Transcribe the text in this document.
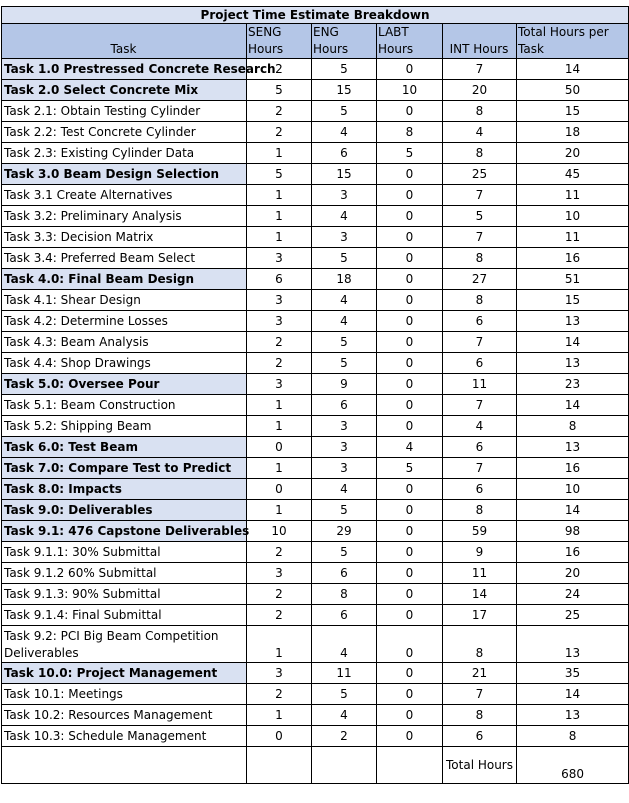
Project Time Estimate Breakdown					
Task	SENG Hours	ENG Hours	LABT Hours	INT Hours	Total Hours per Task
Task 1.0 Prestressed Concrete Research	2	5	0	7	14
Task 2.0 Select Concrete Mix	5	15	10	20	50
Task 2.1: Obtain Testing Cylinder	2	5	0	8	15
Task 2.2: Test Concrete Cylinder	2	4	8	4	18
Task 2.3: Existing Cylinder Data	1	6	5	8	20
Task 3.0 Beam Design Selection	5	15	0	25	45
Task 3.1 Create Alternatives	1	3	0	7	11
Task 3.2: Preliminary Analysis	1	4	0	5	10
Task 3.3: Decision Matrix	1	3	0	7	11
Task 3.4: Preferred Beam Select	3	5	0	8	16
Task 4.0: Final Beam Design	6	18	0	27	51
Task 4.1: Shear Design	3	4	0	8	15
Task 4.2: Determine Losses	3	4	0	6	13
Task 4.3: Beam Analysis	2	5	0	7	14
Task 4.4: Shop Drawings	2	5	0	6	13
Task 5.0: Oversee Pour	3	9	0	11	23
Task 5.1: Beam Construction	1	6	0	7	14
Task 5.2: Shipping Beam	1	3	0	4	8
Task 6.0: Test Beam	0	3	4	6	13
Task 7.0: Compare Test to Predict	1	3	5	7	16
Task 8.0: Impacts	0	4	0	6	10
Task 9.0: Deliverables	1	5	0	8	14
Task 9.1: 476 Capstone Deliverables	10	29	0	59	98
Task 9.1.1: 30% Submittal	2	5	0	9	16
Task 9.1.2 60% Submittal	3	6	0	11	20
Task 9.1.3: 90% Submittal	2	8	0	14	24
Task 9.1.4: Final Submittal	2	6	0	17	25
Task 9.2: PCI Big Beam Competition Deliverables	1	4	0	8	13
Task 10.0: Project Management	3	11	0	21	35
Task 10.1: Meetings	2	5	0	7	14
Task 10.2: Resources Management	1	4	0	8	13
Task 10.3: Schedule Management	0	2	0	6	8
				Total Hours	680
